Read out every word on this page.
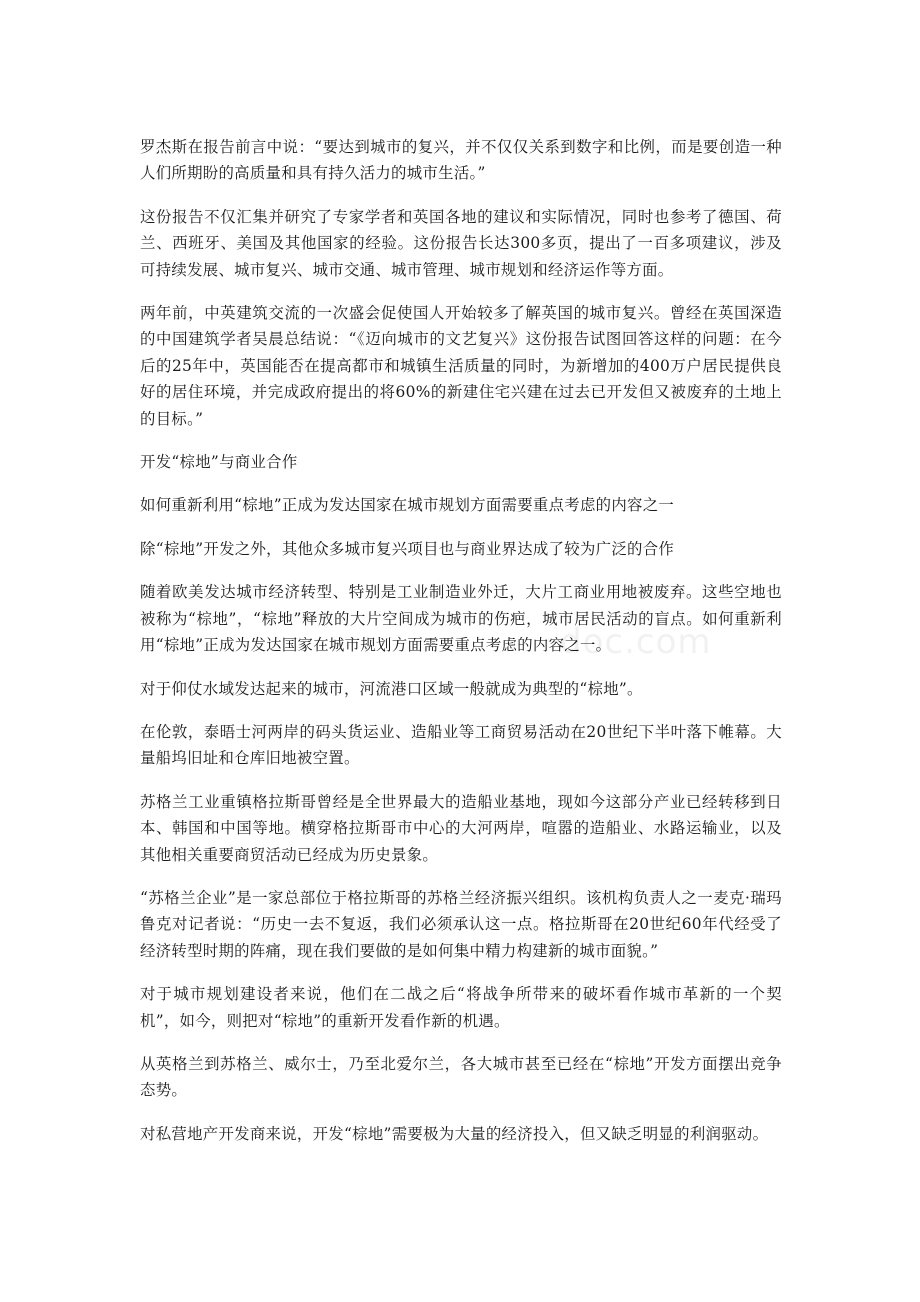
罗杰斯在报告前言中说：“要达到城市的复兴，并不仅仅关系到数字和比例，而是要创造一种人们所期盼的高质量和具有持久活力的城市生活。”

这份报告不仅汇集并研究了专家学者和英国各地的建议和实际情况，同时也参考了德国、荷兰、西班牙、美国及其他国家的经验。这份报告长达300多页，提出了一百多项建议，涉及可持续发展、城市复兴、城市交通、城市管理、城市规划和经济运作等方面。

两年前，中英建筑交流的一次盛会促使国人开始较多了解英国的城市复兴。曾经在英国深造的中国建筑学者吴晨总结说：“《迈向城市的文艺复兴》这份报告试图回答这样的问题：在今后的25年中，英国能否在提高都市和城镇生活质量的同时，为新增加的400万户居民提供良好的居住环境，并完成政府提出的将60%的新建住宅兴建在过去已开发但又被废弃的土地上的目标。”

开发“棕地”与商业合作

如何重新利用“棕地”正成为发达国家在城市规划方面需要重点考虑的内容之一

除“棕地”开发之外，其他众多城市复兴项目也与商业界达成了较为广泛的合作

随着欧美发达城市经济转型、特别是工业制造业外迁，大片工商业用地被废弃。这些空地也被称为“棕地”，“棕地”释放的大片空间成为城市的伤疤，城市居民活动的盲点。如何重新利用“棕地”正成为发达国家在城市规划方面需要重点考虑的内容之一。

对于仰仗水域发达起来的城市，河流港口区域一般就成为典型的“棕地”。

在伦敦，泰晤士河两岸的码头货运业、造船业等工商贸易活动在20世纪下半叶落下帷幕。大量船坞旧址和仓库旧地被空置。

苏格兰工业重镇格拉斯哥曾经是全世界最大的造船业基地，现如今这部分产业已经转移到日本、韩国和中国等地。横穿格拉斯哥市中心的大河两岸，喧嚣的造船业、水路运输业，以及其他相关重要商贸活动已经成为历史景象。

“苏格兰企业”是一家总部位于格拉斯哥的苏格兰经济振兴组织。该机构负责人之一麦克·瑞玛鲁克对记者说：“历史一去不复返，我们必须承认这一点。格拉斯哥在20世纪60年代经受了经济转型时期的阵痛，现在我们要做的是如何集中精力构建新的城市面貌。”

对于城市规划建设者来说，他们在二战之后“将战争所带来的破坏看作城市革新的一个契机”，如今，则把对“棕地”的重新开发看作新的机遇。

从英格兰到苏格兰、威尔士，乃至北爱尔兰，各大城市甚至已经在“棕地”开发方面摆出竞争态势。

对私营地产开发商来说，开发“棕地”需要极为大量的经济投入，但又缺乏明显的利润驱动。

doc.com
